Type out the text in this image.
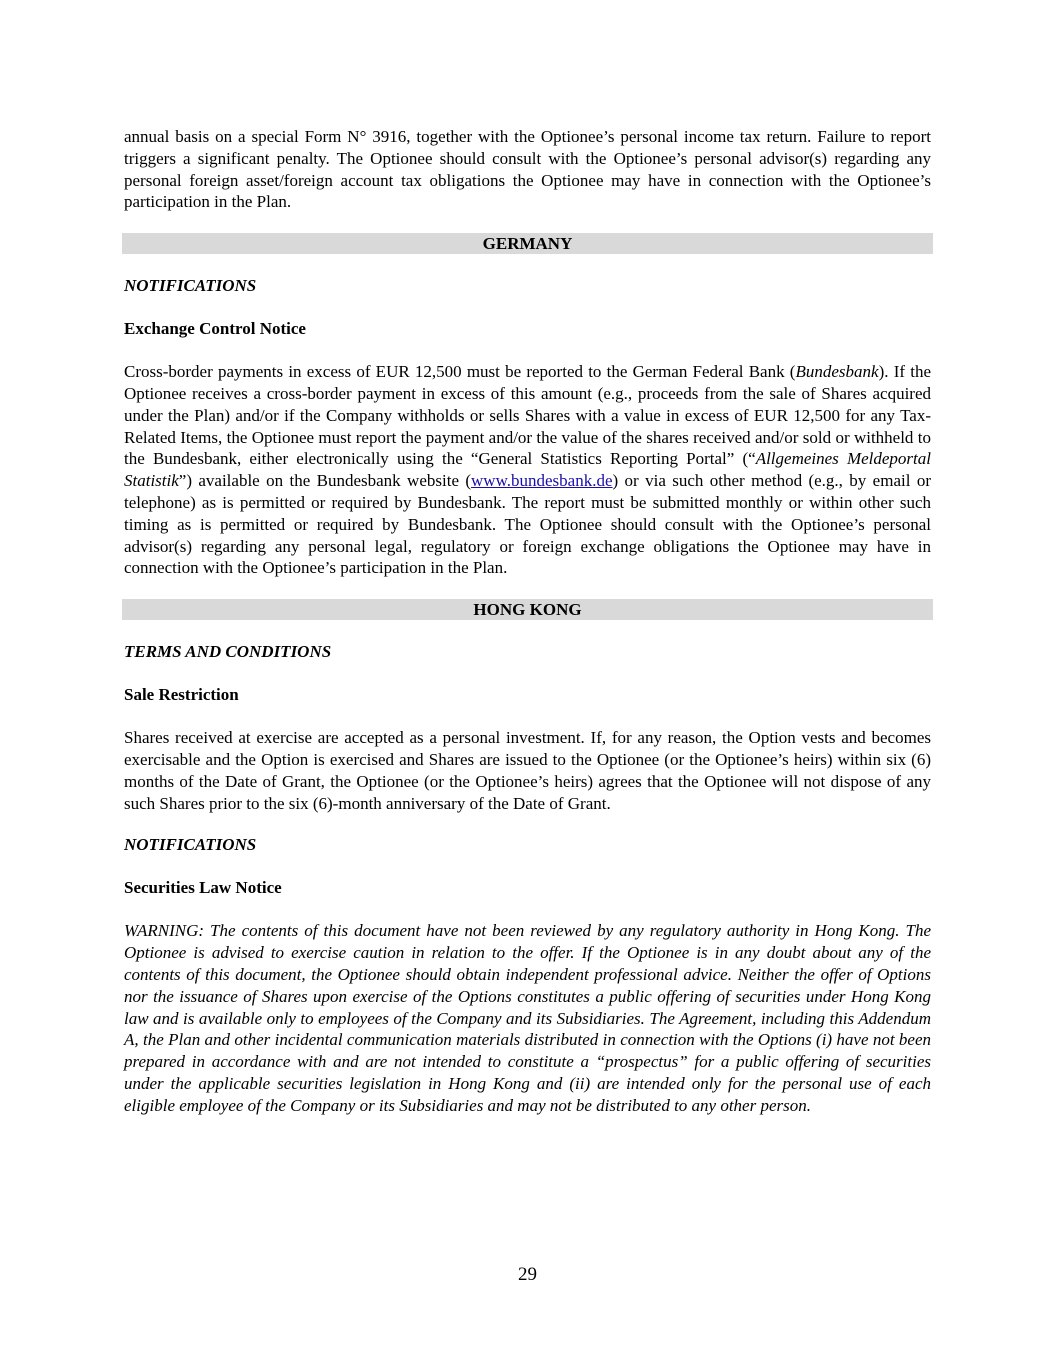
annual basis on a special Form N° 3916, together with the Optionee’s personal income tax return. Failure to report triggers a significant penalty. The Optionee should consult with the Optionee’s personal advisor(s) regarding any personal foreign asset/foreign account tax obligations the Optionee may have in connection with the Optionee’s participation in the Plan.

GERMANY
NOTIFICATIONS
Exchange Control Notice

Cross-border payments in excess of EUR 12,500 must be reported to the German Federal Bank (Bundesbank). If the Optionee receives a cross-border payment in excess of this amount (e.g., proceeds from the sale of Shares acquired under the Plan) and/or if the Company withholds or sells Shares with a value in excess of EUR 12,500 for any Tax-Related Items, the Optionee must report the payment and/or the value of the shares received and/or sold or withheld to the Bundesbank, either electronically using the “General Statistics Reporting Portal” (“Allgemeines Meldeportal Statistik”) available on the Bundesbank website (www.bundesbank.de) or via such other method (e.g., by email or telephone) as is permitted or required by Bundesbank. The report must be submitted monthly or within other such timing as is permitted or required by Bundesbank. The Optionee should consult with the Optionee’s personal advisor(s) regarding any personal legal, regulatory or foreign exchange obligations the Optionee may have in connection with the Optionee’s participation in the Plan.

HONG KONG
TERMS AND CONDITIONS
Sale Restriction

Shares received at exercise are accepted as a personal investment. If, for any reason, the Option vests and becomes exercisable and the Option is exercised and Shares are issued to the Optionee (or the Optionee’s heirs) within six (6) months of the Date of Grant, the Optionee (or the Optionee’s heirs) agrees that the Optionee will not dispose of any such Shares prior to the six (6)-month anniversary of the Date of Grant.

NOTIFICATIONS
Securities Law Notice

WARNING: The contents of this document have not been reviewed by any regulatory authority in Hong Kong. The Optionee is advised to exercise caution in relation to the offer. If the Optionee is in any doubt about any of the contents of this document, the Optionee should obtain independent professional advice. Neither the offer of Options nor the issuance of Shares upon exercise of the Options constitutes a public offering of securities under Hong Kong law and is available only to employees of the Company and its Subsidiaries. The Agreement, including this Addendum A, the Plan and other incidental communication materials distributed in connection with the Options (i) have not been prepared in accordance with and are not intended to constitute a “prospectus” for a public offering of securities under the applicable securities legislation in Hong Kong and (ii) are intended only for the personal use of each eligible employee of the Company or its Subsidiaries and may not be distributed to any other person.

29
